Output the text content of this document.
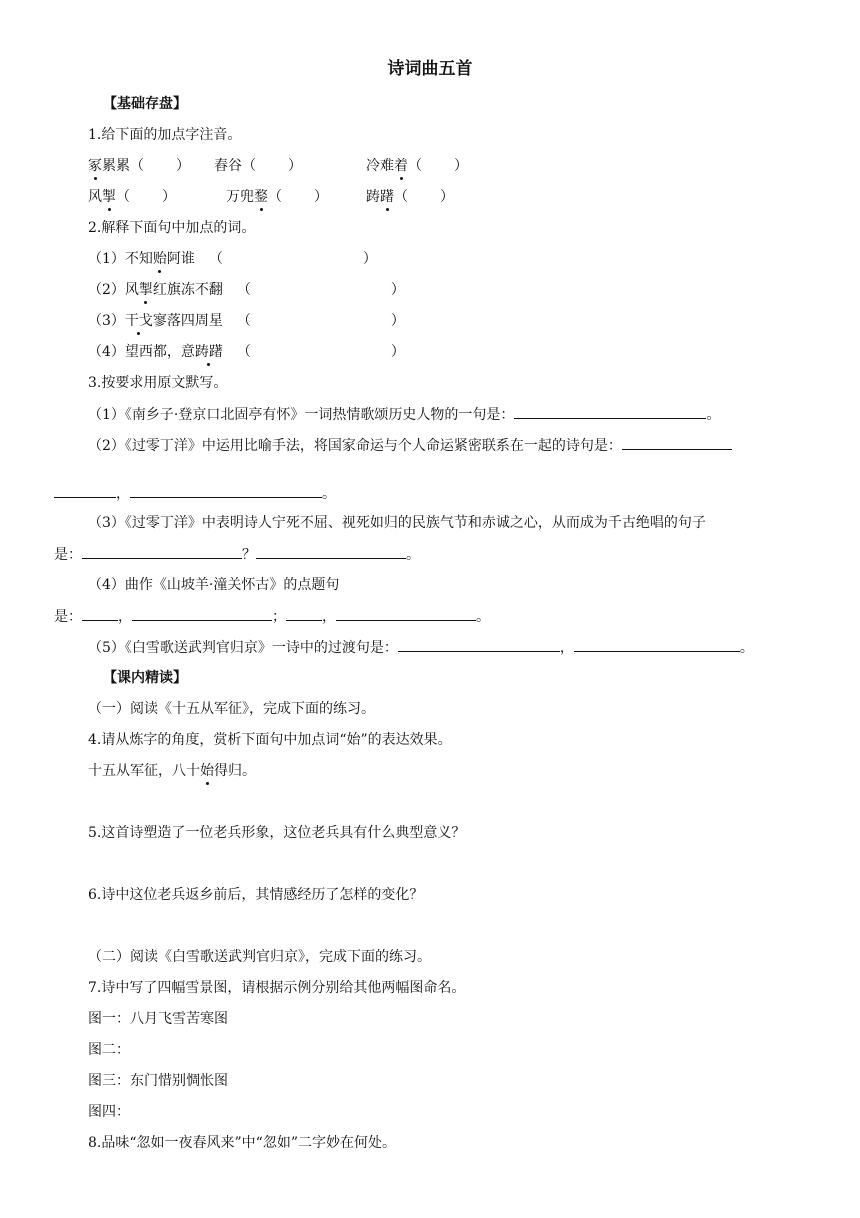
诗词曲五首
【基础存盘】
1.给下面的加点字注音。
冢累累（ ） 舂谷（ ）	冷难着（ ）
风掣（ ）	万兜鍪（ ）	踌躇（ ）
2.解释下面句中加点的词。
（1）不知贻阿谁 （	）
（2）风掣红旗冻不翻 （	）
（3）干戈寥落四周星 （	）
（4）望西都，意踌躇 （	）
3.按要求用原文默写。
（1）《南乡子·登京口北固亭有怀》一词热情歌颂历史人物的一句是：	。
（2）《过零丁洋》中运用比喻手法，将国家命运与个人命运紧密联系在一起的诗句是：
，	。
（3）《过零丁洋》中表明诗人宁死不屈、视死如归的民族气节和赤诚之心，从而成为千古绝唱的句子
是：	？	。
（4）曲作《山坡羊·潼关怀古》的点题句
是：	，	；	，	。
（5）《白雪歌送武判官归京》一诗中的过渡句是：	，	。
【课内精读】
（一）阅读《十五从军征》，完成下面的练习。
4.请从炼字的角度，赏析下面句中加点词“始”的表达效果。
十五从军征，八十始得归。
5.这首诗塑造了一位老兵形象，这位老兵具有什么典型意义？
6.诗中这位老兵返乡前后，其情感经历了怎样的变化？
（二）阅读《白雪歌送武判官归京》，完成下面的练习。
7.诗中写了四幅雪景图，请根据示例分别给其他两幅图命名。
图一：八月飞雪苦寒图
图二：
图三：东门惜别惆怅图
图四：
8.品味“忽如一夜春风来”中“忽如”二字妙在何处。
